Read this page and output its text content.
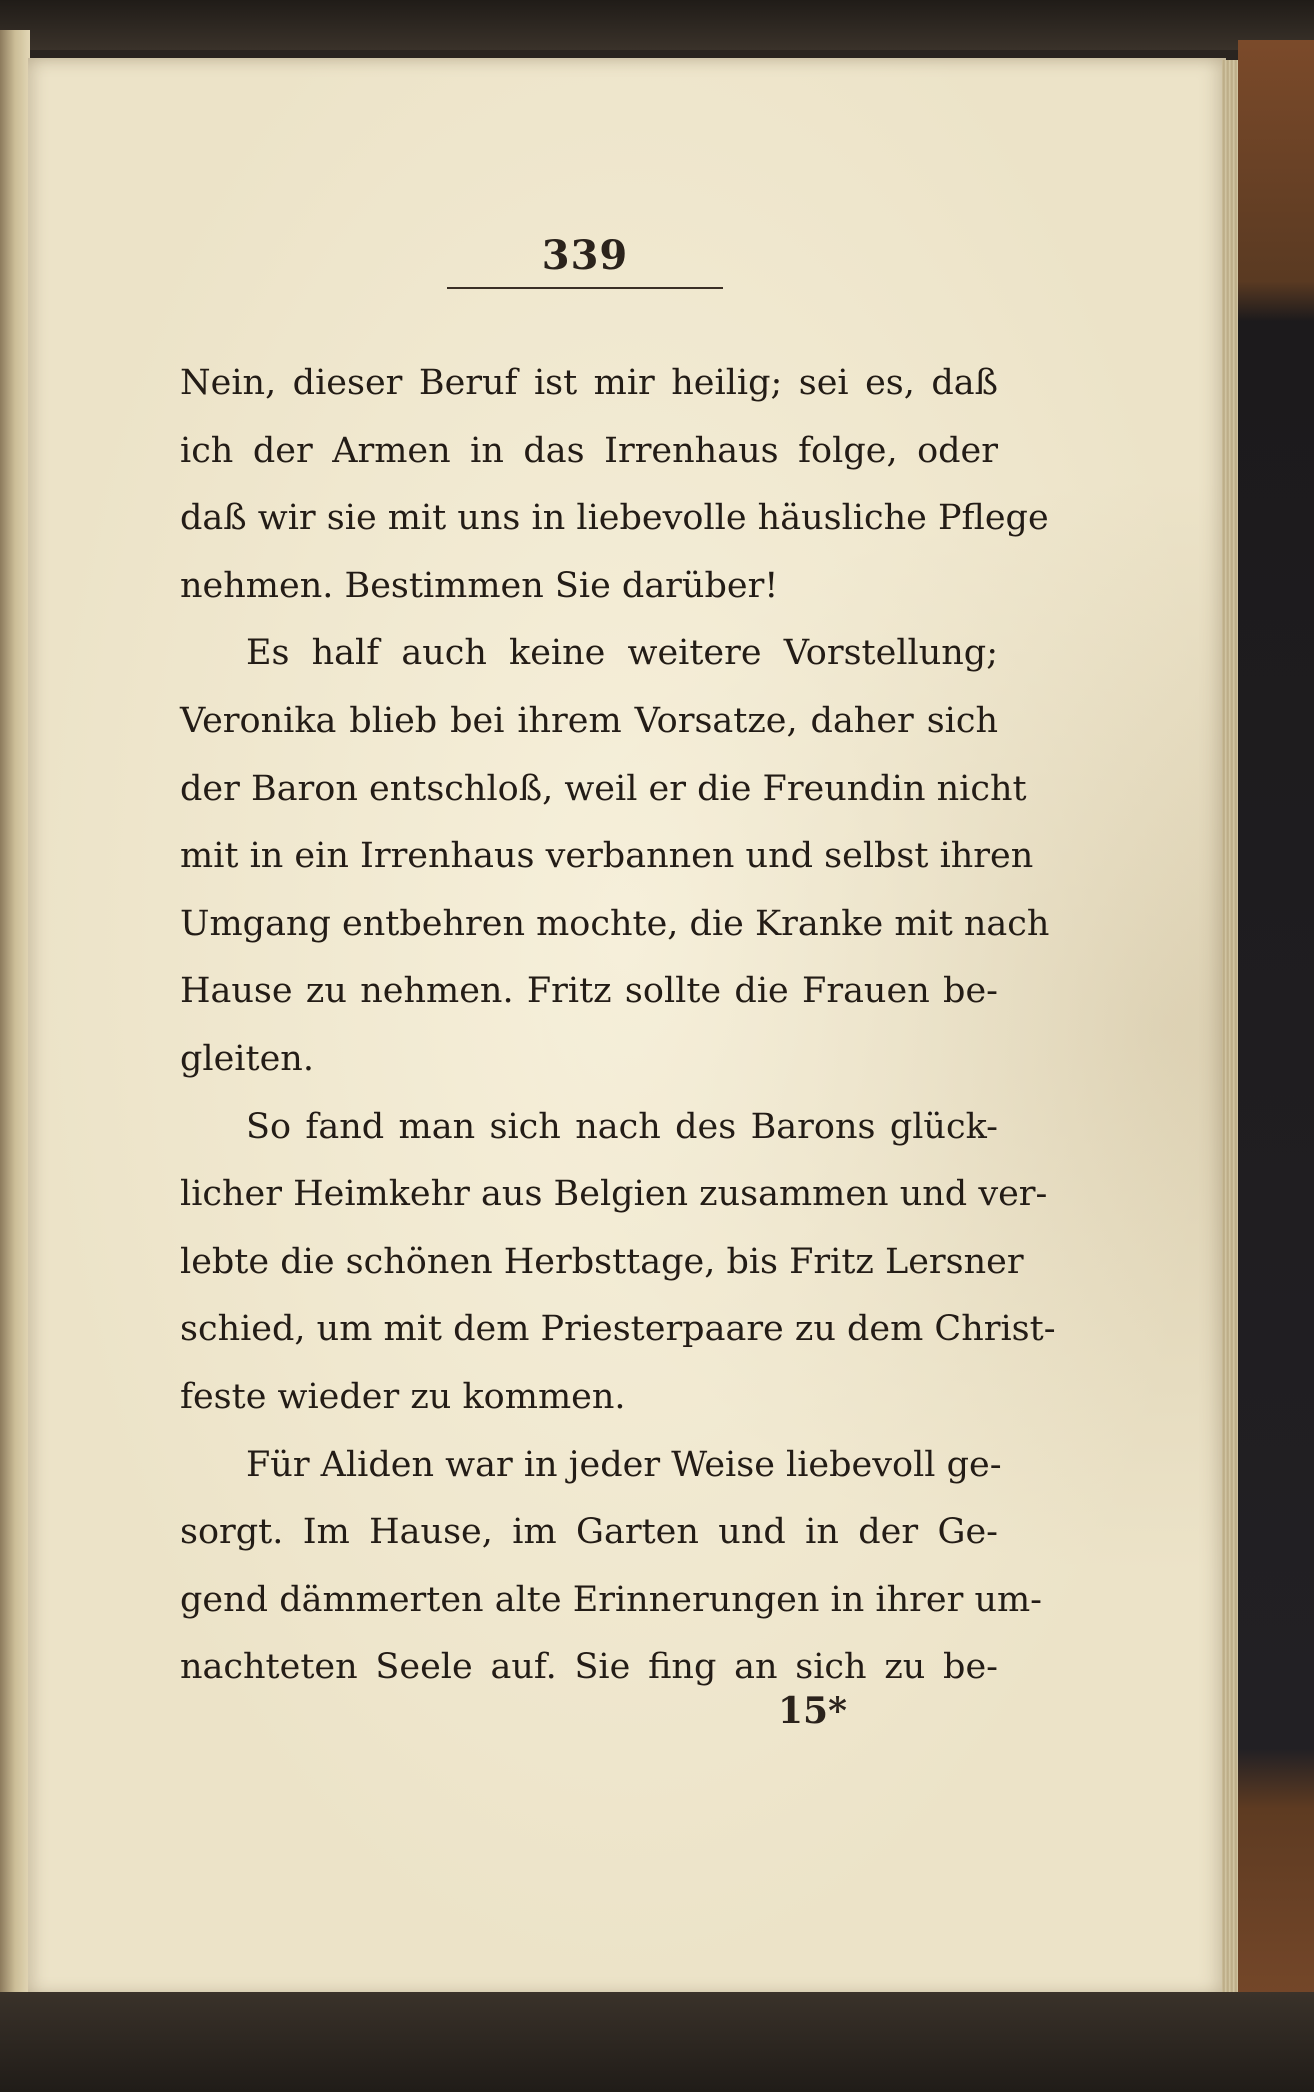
339
Nein, dieser Beruf ist mir heilig; sei es, daß
ich der Armen in das Irrenhaus folge, oder
daß wir sie mit uns in liebevolle häusliche Pflege
nehmen. Bestimmen Sie darüber!
Es half auch keine weitere Vorstellung;
Veronika blieb bei ihrem Vorsatze, daher sich
der Baron entschloß, weil er die Freundin nicht
mit in ein Irrenhaus verbannen und selbst ihren
Umgang entbehren mochte, die Kranke mit nach
Hause zu nehmen. Fritz sollte die Frauen be-
gleiten.
So fand man sich nach des Barons glück-
licher Heimkehr aus Belgien zusammen und ver-
lebte die schönen Herbsttage, bis Fritz Lersner
schied, um mit dem Priesterpaare zu dem Christ-
feste wieder zu kommen.
Für Aliden war in jeder Weise liebevoll ge-
sorgt. Im Hause, im Garten und in der Ge-
gend dämmerten alte Erinnerungen in ihrer um-
nachteten Seele auf. Sie fing an sich zu be-
15*
